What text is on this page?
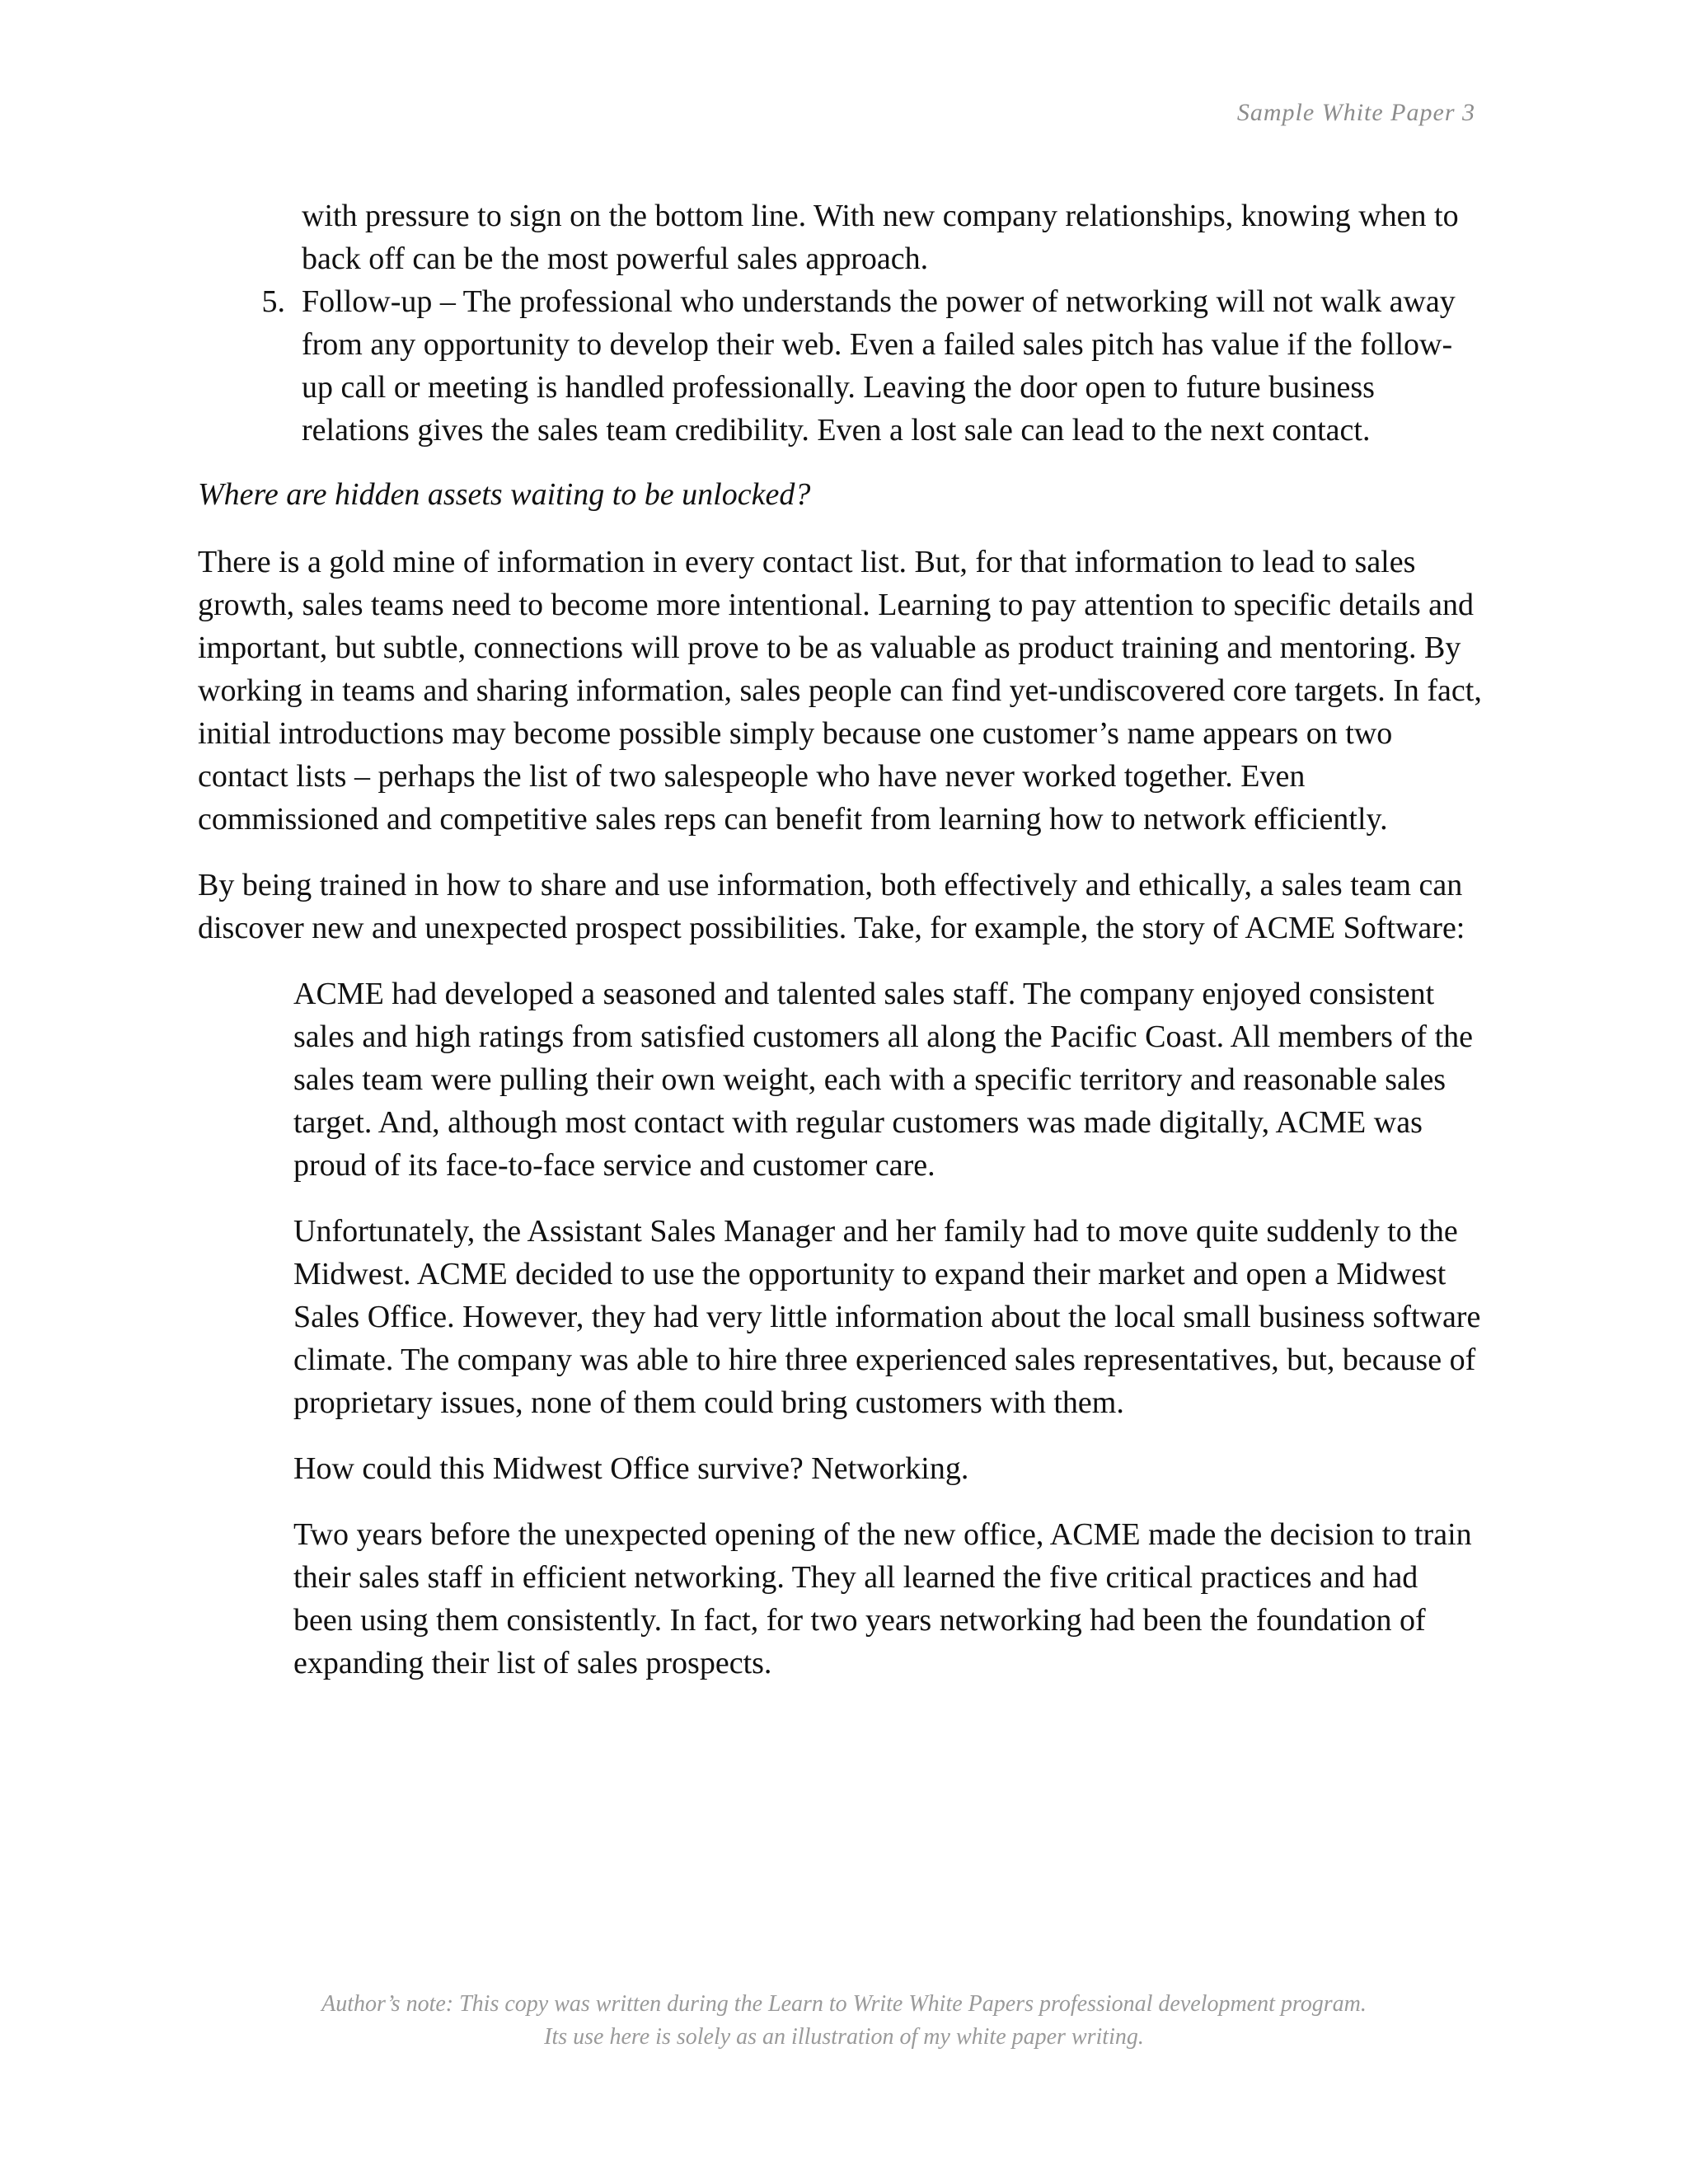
Sample White Paper 3

with pressure to sign on the bottom line. With new company relationships, knowing when to back off can be the most powerful sales approach.

5. Follow-up – The professional who understands the power of networking will not walk away from any opportunity to develop their web. Even a failed sales pitch has value if the follow-up call or meeting is handled professionally. Leaving the door open to future business relations gives the sales team credibility. Even a lost sale can lead to the next contact.

Where are hidden assets waiting to be unlocked?

There is a gold mine of information in every contact list. But, for that information to lead to sales growth, sales teams need to become more intentional. Learning to pay attention to specific details and important, but subtle, connections will prove to be as valuable as product training and mentoring. By working in teams and sharing information, sales people can find yet-undiscovered core targets. In fact, initial introductions may become possible simply because one customer’s name appears on two contact lists – perhaps the list of two salespeople who have never worked together. Even commissioned and competitive sales reps can benefit from learning how to network efficiently.

By being trained in how to share and use information, both effectively and ethically, a sales team can discover new and unexpected prospect possibilities. Take, for example, the story of ACME Software:

ACME had developed a seasoned and talented sales staff. The company enjoyed consistent sales and high ratings from satisfied customers all along the Pacific Coast. All members of the sales team were pulling their own weight, each with a specific territory and reasonable sales target. And, although most contact with regular customers was made digitally, ACME was proud of its face-to-face service and customer care.

Unfortunately, the Assistant Sales Manager and her family had to move quite suddenly to the Midwest. ACME decided to use the opportunity to expand their market and open a Midwest Sales Office. However, they had very little information about the local small business software climate. The company was able to hire three experienced sales representatives, but, because of proprietary issues, none of them could bring customers with them.

How could this Midwest Office survive? Networking.

Two years before the unexpected opening of the new office, ACME made the decision to train their sales staff in efficient networking. They all learned the five critical practices and had been using them consistently. In fact, for two years networking had been the foundation of expanding their list of sales prospects.

Author’s note: This copy was written during the Learn to Write White Papers professional development program.
Its use here is solely as an illustration of my white paper writing.
